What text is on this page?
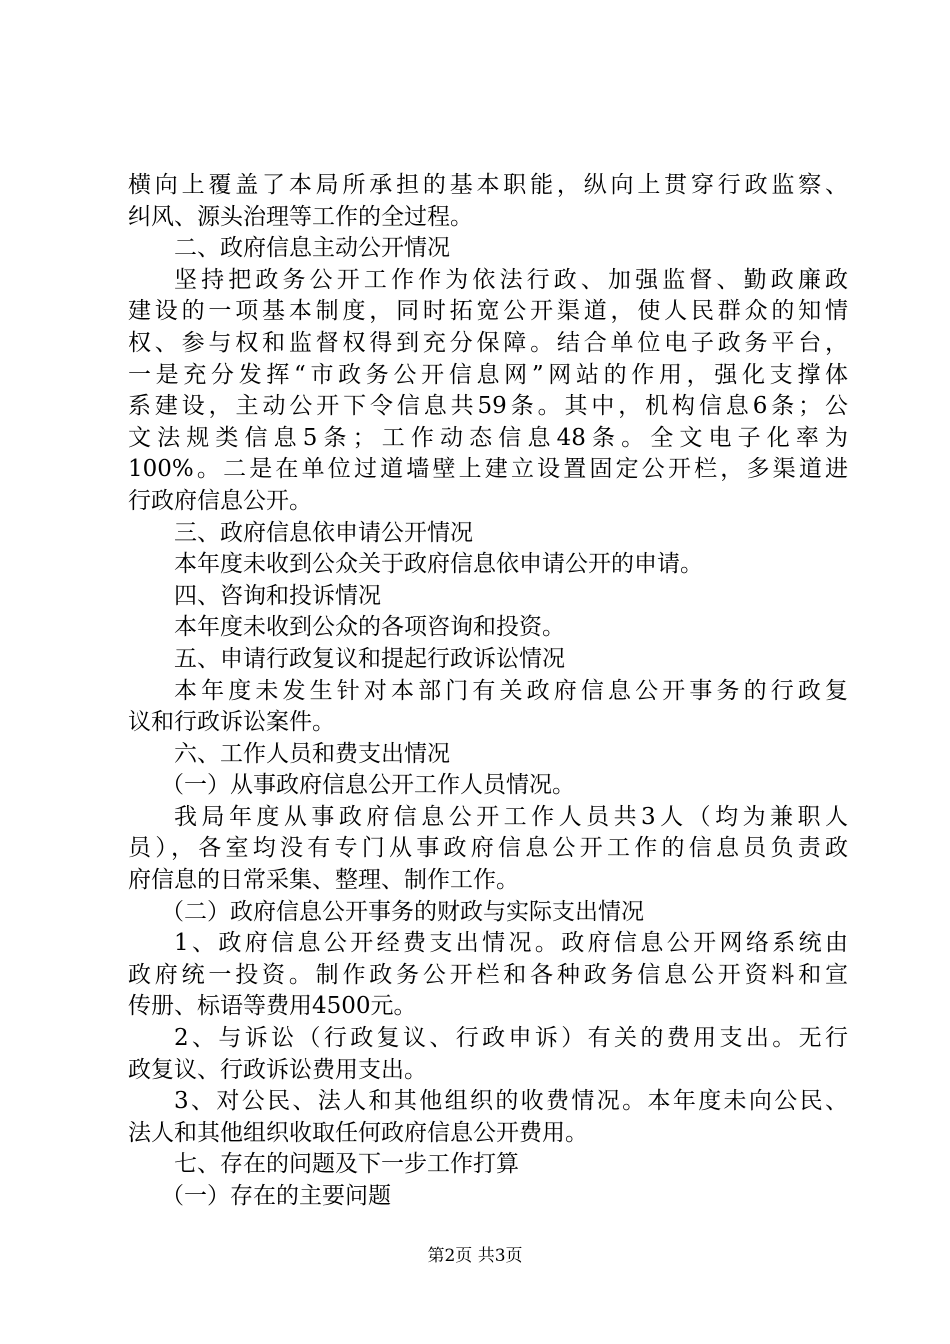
横向上覆盖了本局所承担的基本职能，纵向上贯穿行政监察、
纠风、源头治理等工作的全过程。
二、政府信息主动公开情况
坚持把政务公开工作作为依法行政、加强监督、勤政廉政
建设的一项基本制度，同时拓宽公开渠道，使人民群众的知情
权、参与权和监督权得到充分保障。结合单位电子政务平台，
一是充分发挥“市政务公开信息网”网站的作用，强化支撑体
系建设，主动公开下令信息共59条。其中，机构信息6条；公
文法规类信息5条；工作动态信息48条。全文电子化率为
100%。二是在单位过道墙壁上建立设置固定公开栏，多渠道进
行政府信息公开。
三、政府信息依申请公开情况
本年度未收到公众关于政府信息依申请公开的申请。
四、咨询和投诉情况
本年度未收到公众的各项咨询和投资。
五、申请行政复议和提起行政诉讼情况
本年度未发生针对本部门有关政府信息公开事务的行政复
议和行政诉讼案件。
六、工作人员和费支出情况
（一）从事政府信息公开工作人员情况。
我局年度从事政府信息公开工作人员共3人（均为兼职人
员），各室均没有专门从事政府信息公开工作的信息员负责政
府信息的日常采集、整理、制作工作。
（二）政府信息公开事务的财政与实际支出情况
1、政府信息公开经费支出情况。政府信息公开网络系统由
政府统一投资。制作政务公开栏和各种政务信息公开资料和宣
传册、标语等费用4500元。
2、与诉讼（行政复议、行政申诉）有关的费用支出。无行
政复议、行政诉讼费用支出。
3、对公民、法人和其他组织的收费情况。本年度未向公民、
法人和其他组织收取任何政府信息公开费用。
七、存在的问题及下一步工作打算
（一）存在的主要问题
第2页 共3页
